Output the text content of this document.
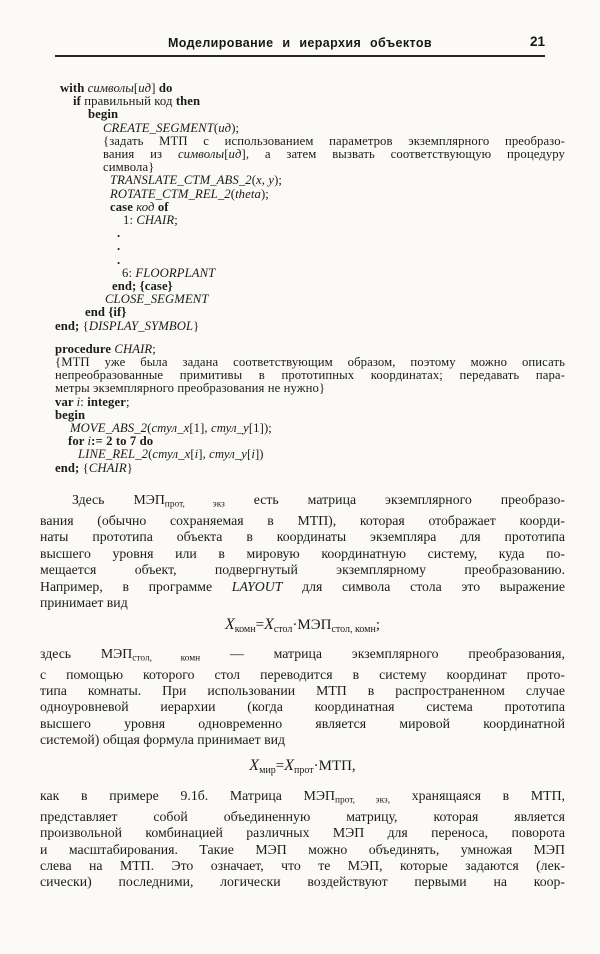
Моделирование и иерархия объектов	21
with символы[ид] do
if правильный код then
begin
CREATE_SEGMENT(ид);
{задать МТП с использованием параметров экземплярного преобразо-
вания из символы[ид], а затем вызвать соответствующую процедуру
символа}
TRANSLATE_CTM_ABS_2(x, y);
ROTATE_CTM_REL_2(theta);
case код of
1: CHAIR;
.
.
.
6: FLOORPLANT
end; {case}
CLOSE_SEGMENT
end {if}
end; {DISPLAY_SYMBOL}
procedure CHAIR;
{МТП уже была задана соответствующим образом, поэтому можно описать
непреобразованные примитивы в прототипных координатах; передавать пара-
метры экземплярного преобразования не нужно}
var i: integer;
begin
MOVE_ABS_2(стул_x[1], стул_y[1]);
for i:= 2 to 7 do
LINE_REL_2(стул_x[i], стул_y[i])
end; {CHAIR}
Здесь МЭПпрот, экз есть матрица экземплярного преобразо-
вания (обычно сохраняемая в МТП), которая отображает коорди-
наты прототипа объекта в координаты экземпляра для прототипа
высшего уровня или в мировую координатную систему, куда по-
мещается объект, подвергнутый экземплярному преобразованию.
Например, в программе LAYOUT для символа стола это выражение
принимает вид
$X_{комн}=X_{стол}\cdot МЭП_{стол, комн}$;
здесь МЭПстол, комн — матрица экземплярного преобразования,
с помощью которого стол переводится в систему координат прото-
типа комнаты. При использовании МТП в распространенном случае
одноуровневой иерархии (когда координатная система прототипа
высшего уровня одновременно является мировой координатной
системой) общая формула принимает вид
$X_{мир}=X_{прот}\cdot МТП$,
как в примере 9.1б. Матрица МЭПпрот, экз, хранящаяся в МТП,
представляет собой объединенную матрицу, которая является
произвольной комбинацией различных МЭП для переноса, поворота
и масштабирования. Такие МЭП можно объединять, умножая МЭП
слева на МТП. Это означает, что те МЭП, которые задаются (лек-
сически) последними, логически воздействуют первыми на коор-
